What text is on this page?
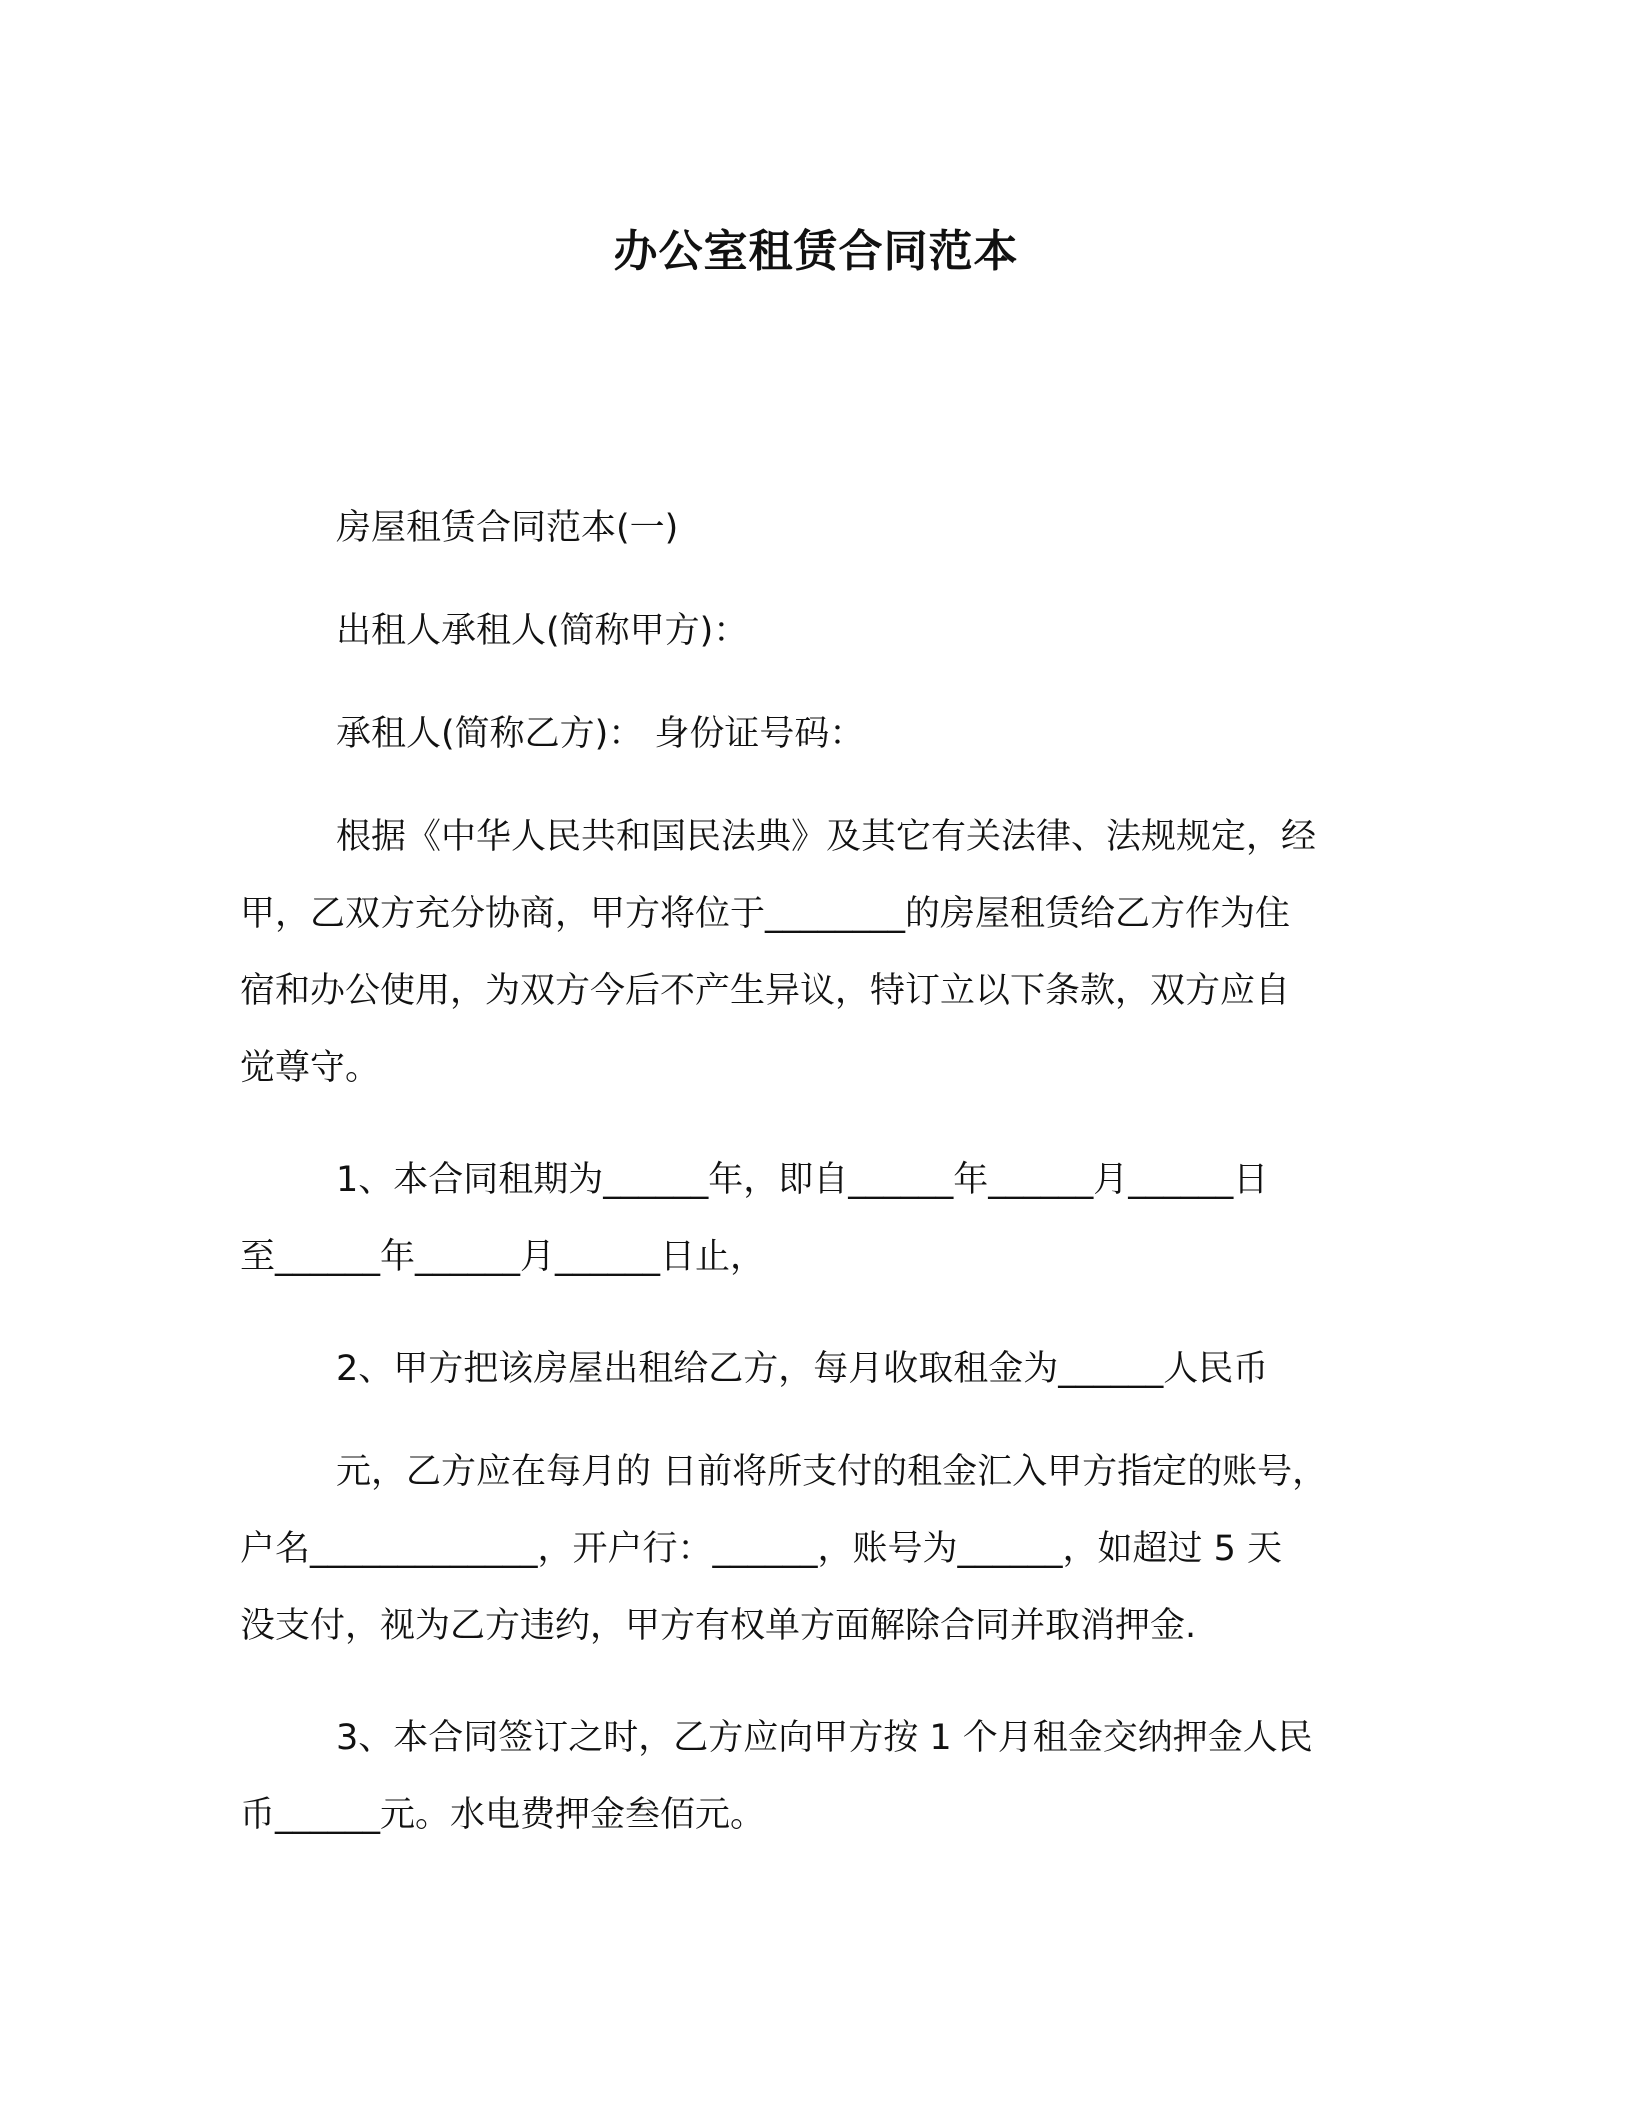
办公室租赁合同范本

房屋租赁合同范本(一)

出租人承租人(简称甲方)：

承租人(简称乙方)： 身份证号码：

根据《中华人民共和国民法典》及其它有关法律、法规规定，经

甲，乙双方充分协商，甲方将位于________的房屋租赁给乙方作为住

宿和办公使用，为双方今后不产生异议，特订立以下条款，双方应自

觉尊守。

1、本合同租期为______年，即自______年______月______日

至______年______月______日止，

2、甲方把该房屋出租给乙方，每月收取租金为______人民币

元，乙方应在每月的 日前将所支付的租金汇入甲方指定的账号，

户名_____________，开户行：______，账号为______，如超过 5 天

没支付，视为乙方违约，甲方有权单方面解除合同并取消押金.

3、本合同签订之时，乙方应向甲方按 1 个月租金交纳押金人民

币______元。水电费押金叁佰元。
